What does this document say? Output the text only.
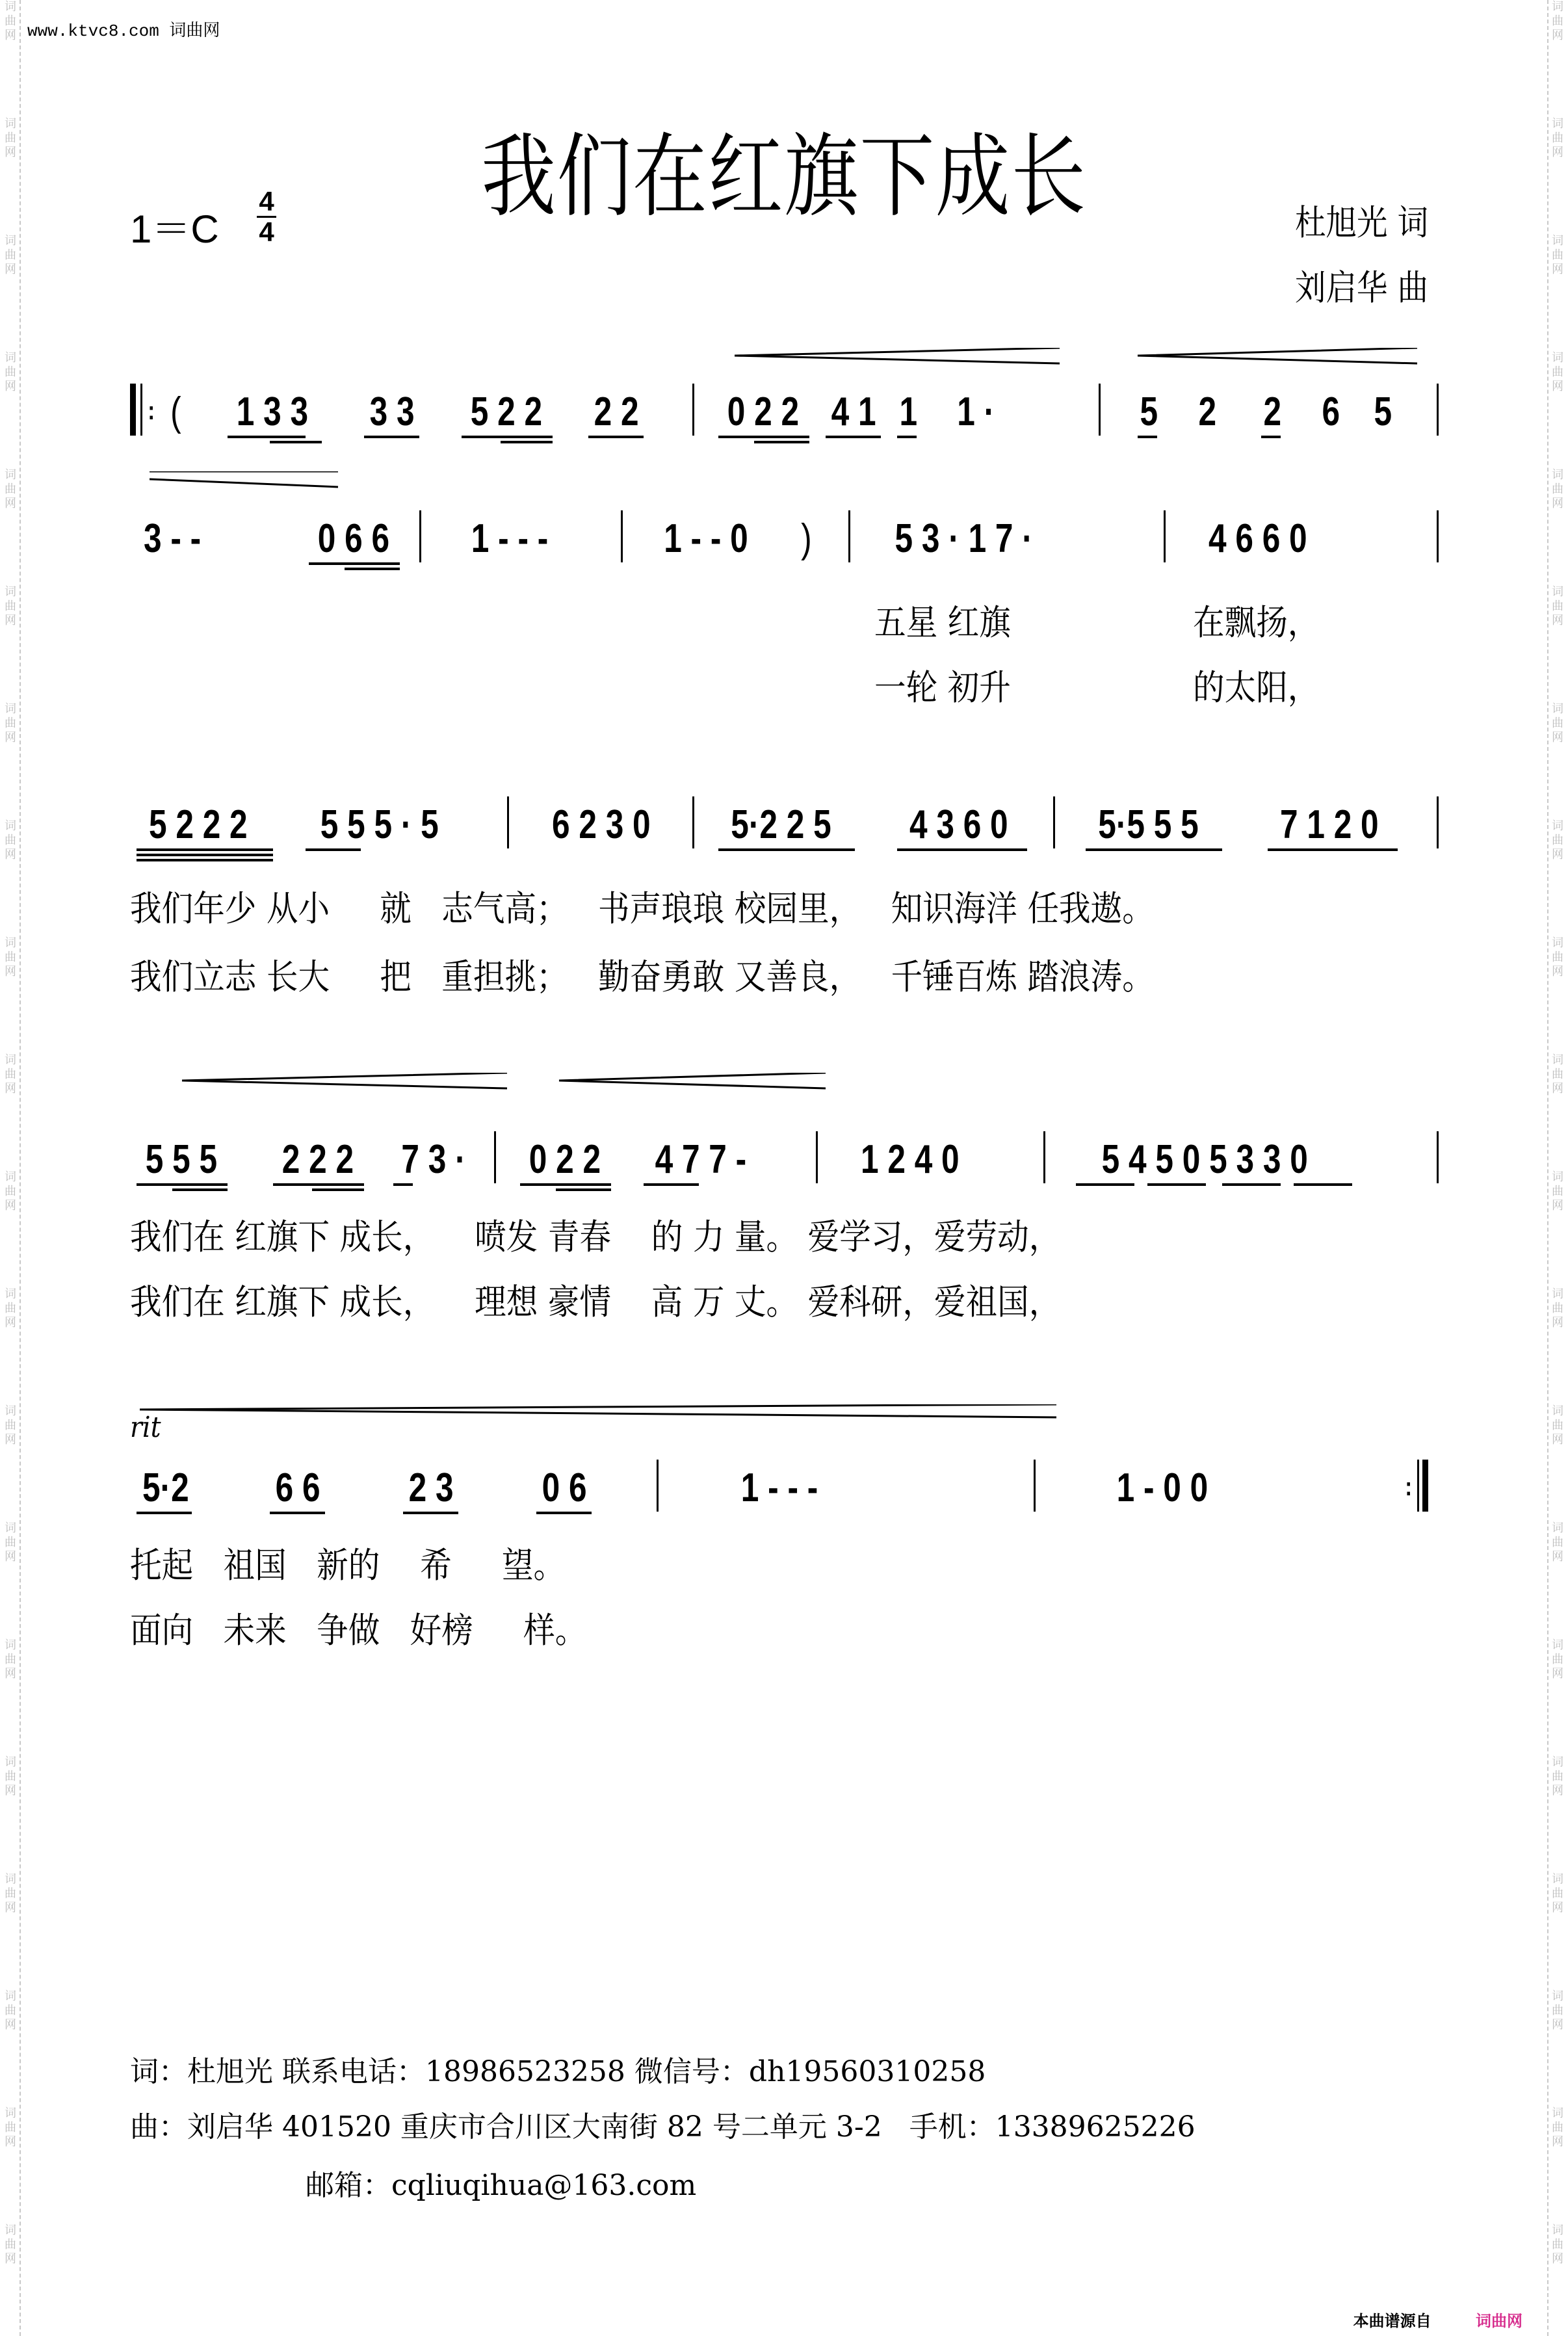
词
曲
网
词
曲
网
词
曲
网
词
曲
网
词
曲
网
词
曲
网
词
曲
网
词
曲
网
词
曲
网
词
曲
网
词
曲
网
词
曲
网
词
曲
网
词
曲
网
词
曲
网
词
曲
网
词
曲
网
词
曲
网
词
曲
网
词
曲
网
词
曲
网
词
曲
网
词
曲
网
词
曲
网
词
曲
网
词
曲
网
词
曲
网
词
曲
网
词
曲
网
词
曲
网
词
曲
网
词
曲
网
词
曲
网
词
曲
网
词
曲
网
词
曲
网
词
曲
网
词
曲
网
词
曲
网
词
曲
网
www.ktvc8.com 词曲网
我们在红旗下成长
1＝C
4
4	杜旭光 词
刘启华 曲
: ( 1 3 3 3 3 5 2 2 2 2 0 2 2 4 1 1 1 ·	5 2 2 6 5
3 - -	0 6 6 1 - - -	1 - - 0 ) 5 3 · 1 7 ·	4 6 6 0
五星 红旗	在飘扬，
一轮 初升	的太阳，
5 2 2 2 5 5 5 · 5	6 2 3 0 5·2 2 5 4 3 6 0 5·5 5 5 7 1 2 0
我们年少 从小 就 志气高； 书声琅琅 校园里， 知识海洋 任我遨。
我们立志 长大 把 重担挑； 勤奋勇敢 又善良， 千锤百炼 踏浪涛。
5 5 5 2 2 2 7 3 · 0 2 2 4 7 7 -	1 2 4 0	5 4 5 0 5 3 3 0
我们在 红旗下 成长， 喷发 青春 的 力 量。 爱学习，爱劳动，
我们在 红旗下 成长， 理想 豪情 高 万 丈。 爱科研，爱祖国，
rit
5·2 6 6 2 3 0 6	1 - - -	1 - 0 0	:
托起 祖国 新的 希 望。
面向 未来 争做 好榜 样。
词：杜旭光 联系电话：18986523258 微信号：dh19560310258
曲：刘启华 401520 重庆市合川区大南街 82 号二单元 3-2   手机：13389625226
邮箱：cqliuqihua@163.com
本曲谱源自	词曲网
